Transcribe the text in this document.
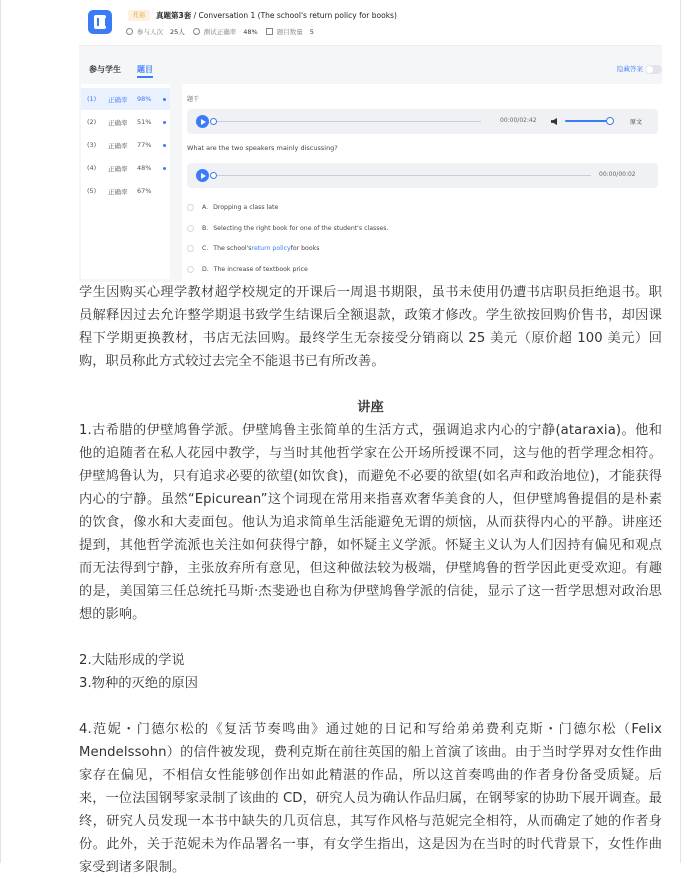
托福	真题第3套 / Conversation 1 (The school's return policy for books)
参与人次 25人	测试正确率 48%	题目数量 5
参与学生 题目	隐藏答案
(1) 正确率 98%
(2) 正确率 51%
(3) 正确率 77%
(4) 正确率 48%
(5) 正确率 67%
题干
00:00/02:42	原文
What are the two speakers mainly discussing?
00:00/00:02
A. Dropping a class late
B. Selecting the right book for one of the student's classes.
C. The school's return policy for books
D. The increase of textbook price

学生因购买心理学教材超学校规定的开课后一周退书期限，虽书未使用仍遭书店职员拒绝退书。职员解释因过去允许整学期退书致学生结课后全额退款，政策才修改。学生欲按回购价售书，却因课程下学期更换教材，书店无法回购。最终学生无奈接受分销商以 25 美元（原价超 100 美元）回购，职员称此方式较过去完全不能退书已有所改善。

讲座

1.古希腊的伊壁鸠鲁学派。伊壁鸠鲁主张简单的生活方式，强调追求内心的宁静(ataraxia)。他和他的追随者在私人花园中教学，与当时其他哲学家在公开场所授课不同，这与他的哲学理念相符。伊壁鸠鲁认为，只有追求必要的欲望(如饮食)，而避免不必要的欲望(如名声和政治地位)，才能获得内心的宁静。虽然“Epicurean”这个词现在常用来指喜欢奢华美食的人，但伊壁鸠鲁提倡的是朴素的饮食，像水和大麦面包。他认为追求简单生活能避免无谓的烦恼，从而获得内心的平静。讲座还提到，其他哲学流派也关注如何获得宁静，如怀疑主义学派。怀疑主义认为人们因持有偏见和观点而无法得到宁静，主张放弃所有意见，但这种做法较为极端，伊壁鸠鲁的哲学因此更受欢迎。有趣的是，美国第三任总统托马斯·杰斐逊也自称为伊壁鸠鲁学派的信徒，显示了这一哲学思想对政治思想的影响。

2.大陆形成的学说

3.物种的灭绝的原因

4.范妮・门德尔松的《复活节奏鸣曲》通过她的日记和写给弟弟费利克斯・门德尔松（Felix Mendelssohn）的信件被发现，费利克斯在前往英国的船上首演了该曲。由于当时学界对女性作曲家存在偏见，不相信女性能够创作出如此精湛的作品，所以这首奏鸣曲的作者身份备受质疑。后来，一位法国钢琴家录制了该曲的 CD，研究人员为确认作品归属，在钢琴家的协助下展开调查。最终，研究人员发现一本书中缺失的几页信息，其写作风格与范妮完全相符，从而确定了她的作者身份。此外，关于范妮未为作品署名一事，有女学生指出，这是因为在当时的时代背景下，女性作曲家受到诸多限制。
